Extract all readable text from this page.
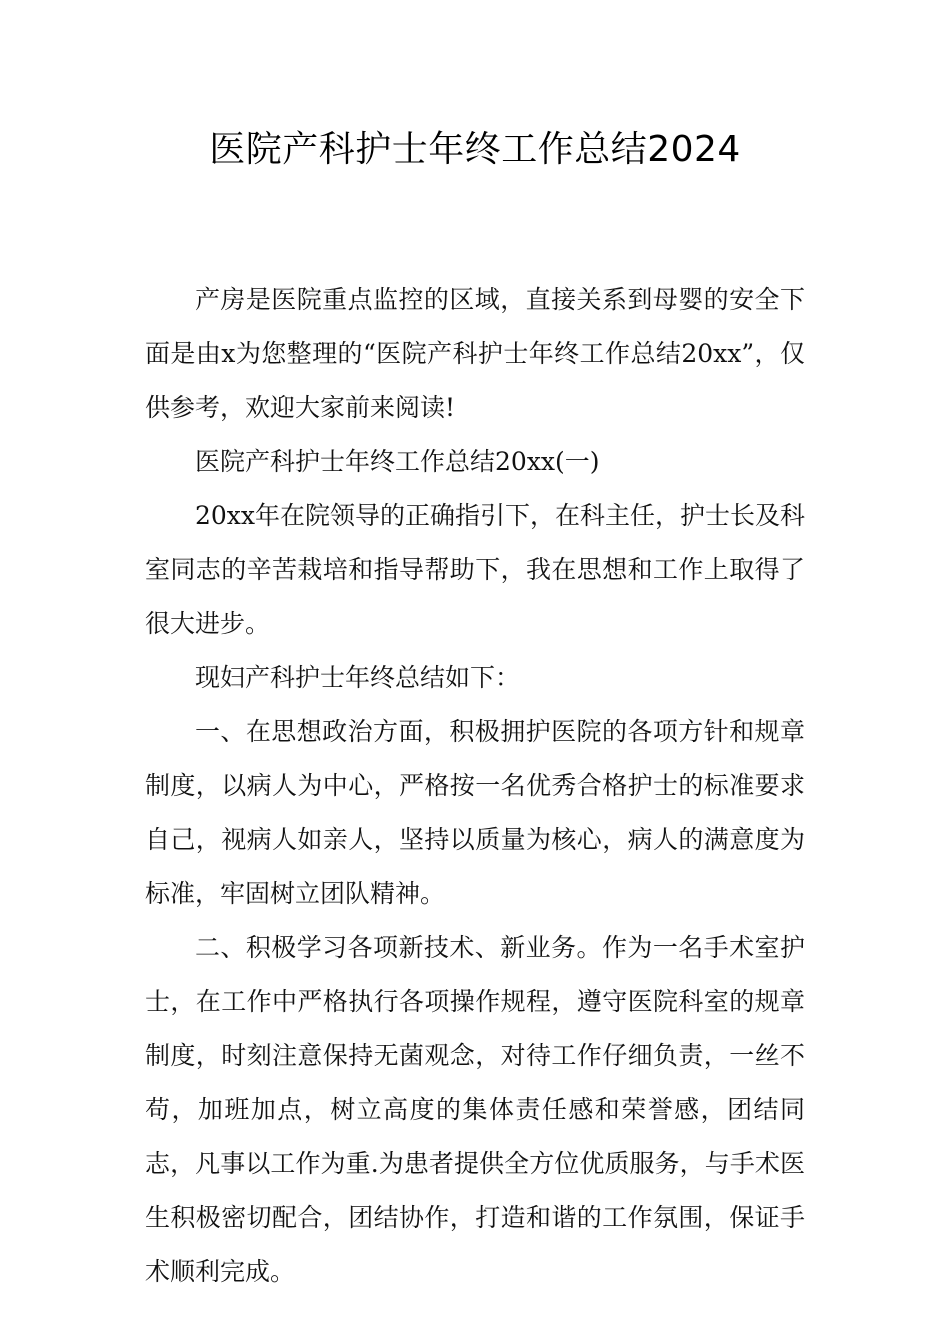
医院产科护士年终工作总结2024

产房是医院重点监控的区域，直接关系到母婴的安全下面是由x为您整理的“医院产科护士年终工作总结20xx”，仅供参考，欢迎大家前来阅读!

医院产科护士年终工作总结20xx(一)

20xx年在院领导的正确指引下，在科主任，护士长及科室同志的辛苦栽培和指导帮助下，我在思想和工作上取得了很大进步。

现妇产科护士年终总结如下：

一、在思想政治方面，积极拥护医院的各项方针和规章制度，以病人为中心，严格按一名优秀合格护士的标准要求自己，视病人如亲人，坚持以质量为核心，病人的满意度为标准，牢固树立团队精神。

二、积极学习各项新技术、新业务。作为一名手术室护士，在工作中严格执行各项操作规程，遵守医院科室的规章制度，时刻注意保持无菌观念，对待工作仔细负责，一丝不苟，加班加点，树立高度的集体责任感和荣誉感，团结同志，凡事以工作为重.为患者提供全方位优质服务，与手术医生积极密切配合，团结协作，打造和谐的工作氛围，保证手术顺利完成。
